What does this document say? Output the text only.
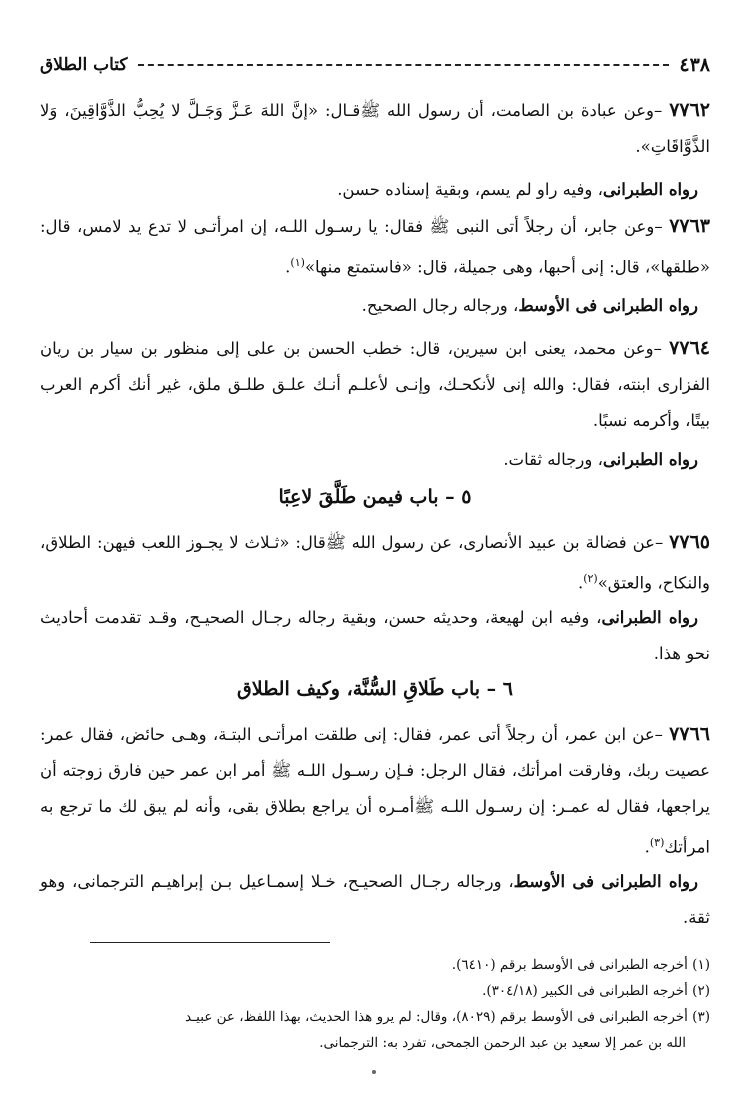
٤٣٨
كتاب الطلاق

٧٧٦٢ –وعن عبادة بن الصامت، أن رسول الله ﷺقـال: «إنَّ اللهَ عَـزَّ وَجَـلَّ لا يُحِبُّ الذَّوَّاقِينَ، وَلا الذَّوَّاقَاتِ».

رواه الطبرانى، وفيه راو لم يسم، وبقية إسناده حسن.

٧٧٦٣ –وعن جابر، أن رجلاً أتى النبى ﷺ فقال: يا رسـول اللـه، إن امرأتـى لا تدع يد لامس، قال: «طلقها»، قال: إنى أحبها، وهى جميلة، قال: «فاستمتع منها»$^{(١)}$.

رواه الطبرانى فى الأوسط، ورجاله رجال الصحيح.

٧٧٦٤ –وعن محمد، يعنى ابن سيرين، قال: خطب الحسن بن على إلى منظور بن سيار بن ريان الفزارى ابنته، فقال: والله إنى لأنكحـك، وإنـى لأعلـم أنـك علـق طلـق ملق، غير أنك أكرم العرب بيتًا، وأكرمه نسبًا.

رواه الطبرانى، ورجاله ثقات.

٥ – باب فيمن طَلَّقَ لاعِبًا

٧٧٦٥ –عن فضالة بن عبيد الأنصارى، عن رسول الله ﷺقال: «ثـلاث لا يجـوز اللعب فيهن: الطلاق، والنكاح، والعتق»$^{(٢)}$.

رواه الطبرانى، وفيه ابن لهيعة، وحديثه حسن، وبقية رجاله رجـال الصحيـح، وقـد تقدمت أحاديث نحو هذا.

٦ – باب طَلاقِ السُّنَّة، وكيف الطلاق

٧٧٦٦ –عن ابن عمر، أن رجلاً أتى عمر، فقال: إنى طلقت امرأتـى البتـة، وهـى حائض، فقال عمر: عصيت ربك، وفارقت امرأتك، فقال الرجل: فـإن رسـول اللـه ﷺ أمر ابن عمر حين فارق زوجته أن يراجعها، فقال له عمـر: إن رسـول اللـه ﷺأمـره أن يراجع بطلاق بقى، وأنه لم يبق لك ما ترجع به امرأتك$^{(٣)}$.

رواه الطبرانى فى الأوسط، ورجاله رجـال الصحيـح، خـلا إسمـاعيل بـن إبراهيـم الترجمانى، وهو ثقة.

(١) أخرجه الطبرانى فى الأوسط برقم (٦٤١٠).

(٢) أخرجه الطبرانى فى الكبير (٣٠٤/١٨).

(٣) أخرجه الطبرانى فى الأوسط برقم (٨٠٢٩)، وقال: لم يرو هذا الحديث، بهذا اللفظ، عن عبيـد

الله بن عمر إلا سعيد بن عبد الرحمن الجمحى، تفرد به: الترجمانى.
